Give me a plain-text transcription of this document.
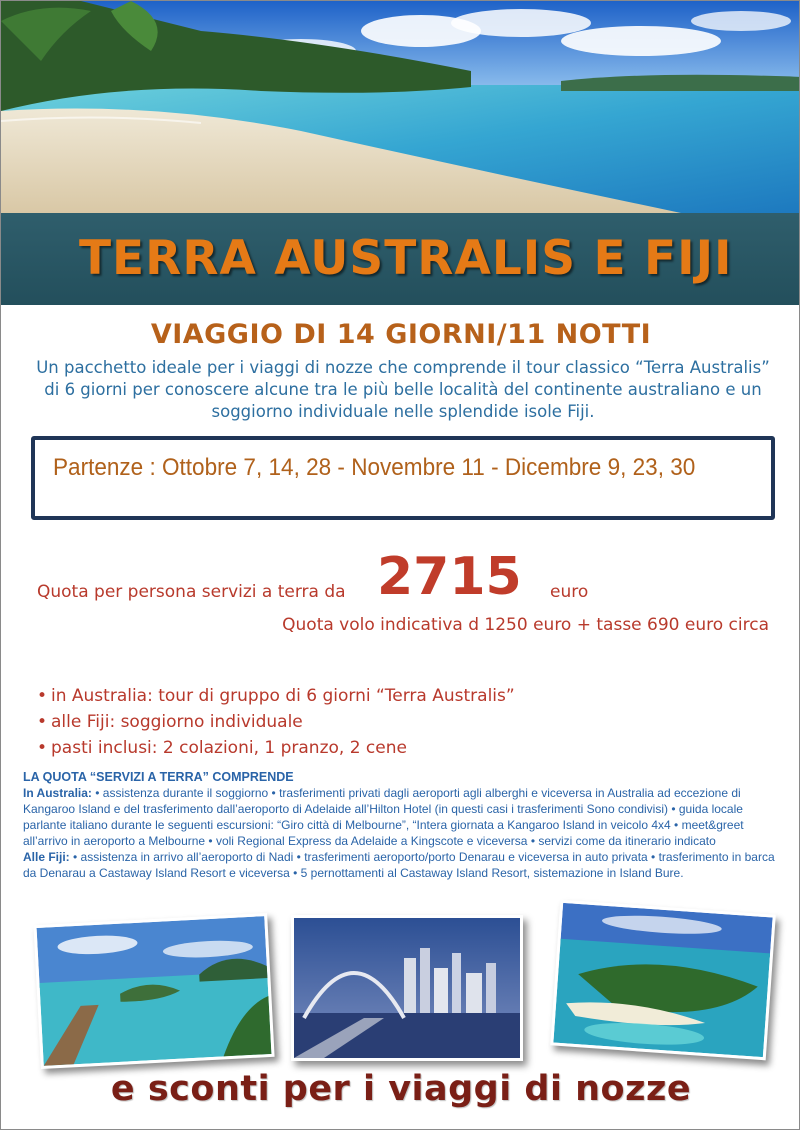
TERRA AUSTRALIS E FIJI
VIAGGIO DI 14 GIORNI/11 NOTTI

Un pacchetto ideale per i viaggi di nozze che comprende il tour classico “Terra Australis” di 6 giorni per conoscere alcune tra le più belle località del continente australiano e un soggiorno individuale nelle splendide isole Fiji.

Partenze : Ottobre 7, 14, 28 - Novembre 11 - Dicembre 9, 23, 30
Quota per persona servizi a terra da 2715 euro
Quota volo indicativa d 1250 euro + tasse 690 euro circa
• in Australia: tour di gruppo di 6 giorni “Terra Australis”
• alle Fiji: soggiorno individuale
• pasti inclusi: 2 colazioni, 1 pranzo, 2 cene
LA QUOTA “SERVIZI A TERRA” COMPRENDE
In Australia: • assistenza durante il soggiorno • trasferimenti privati dagli aeroporti agli alberghi e viceversa in Australia ad eccezione di Kangaroo Island e del trasferimento dall’aeroporto di Adelaide all’Hilton Hotel (in questi casi i trasferimenti Sono condivisi) • guida locale parlante italiano durante le seguenti escursioni: “Giro città di Melbourne”, “Intera giornata a Kangaroo Island in veicolo 4x4 • meet&greet all’arrivo in aeroporto a Melbourne • voli Regional Express da Adelaide a Kingscote e viceversa • servizi come da itinerario indicato
Alle Fiji: • assistenza in arrivo all’aeroporto di Nadi • trasferimenti aeroporto/porto Denarau e viceversa in auto privata • trasferimento in barca da Denarau a Castaway Island Resort e viceversa • 5 pernottamenti al Castaway Island Resort, sistemazione in Island Bure.
e sconti per i viaggi di nozze
